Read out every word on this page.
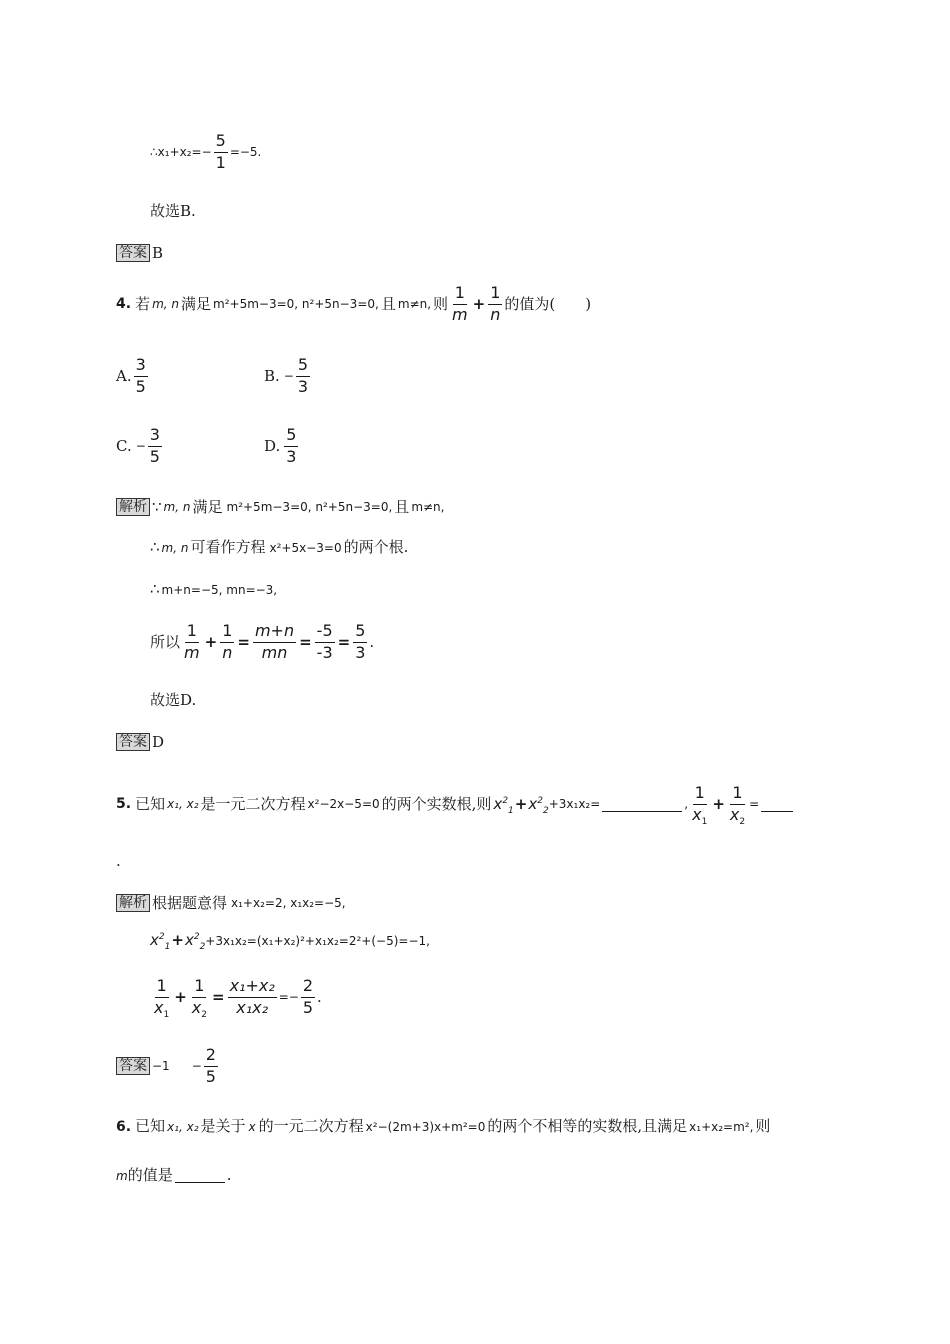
∴x₁+x₂=− $\frac{5}{1} =-5$.
故选B.
答案 B
4. 若 m, n 满足 m²+5m−3=0, n²+5n−3=0, 且 m≠n, 则 $\frac{1}{m} + \frac{1}{n}$ 的值为(　　)
A. $\frac{3}{5}$	B. − $\frac{5}{3}$
C. − $\frac{3}{5}$	D. $\frac{5}{3}$
解析 ∵ m, n 满足 m²+5m−3=0, n²+5n−3=0, 且 m≠n,
∴ m, n 可看作方程 x²+5x−3=0 的两个根.
∴ m+n=−5, mn=−3,
所以 $\frac{1}{m} + \frac{1}{n} = \frac{m+n}{mn} = \frac{-5}{-3} = \frac{5}{3}$ .
故选D.
答案 D
5. 已知 x₁, x₂ 是一元二次方程 x²−2x−5=0 的两个实数根,则 $x^2_1 + x^2_2 +3x_1x_2=$	, $\frac{1}{x_1} + \frac{1}{x_2}$ =
.
解析 根据题意得 x₁+x₂=2, x₁x₂=−5,
$x^2_1 + x^2_2 +3x_1x_2=(x_1+x_2)^2+x_1x_2=2^2+(-5)=-1$,
$\frac{1}{x_1} + \frac{1}{x_2} = \frac{\text{x₁+x₂}}{\text{x₁x₂}} =- \frac{2}{5}$ .
答案 $-1 - \frac{2}{5}$
6. 已知 x₁, x₂ 是关于 x 的一元二次方程 x²−(2m+3)x+m²=0 的两个不相等的实数根,且满足 x₁+x₂=m², 则
m 的值是	.
